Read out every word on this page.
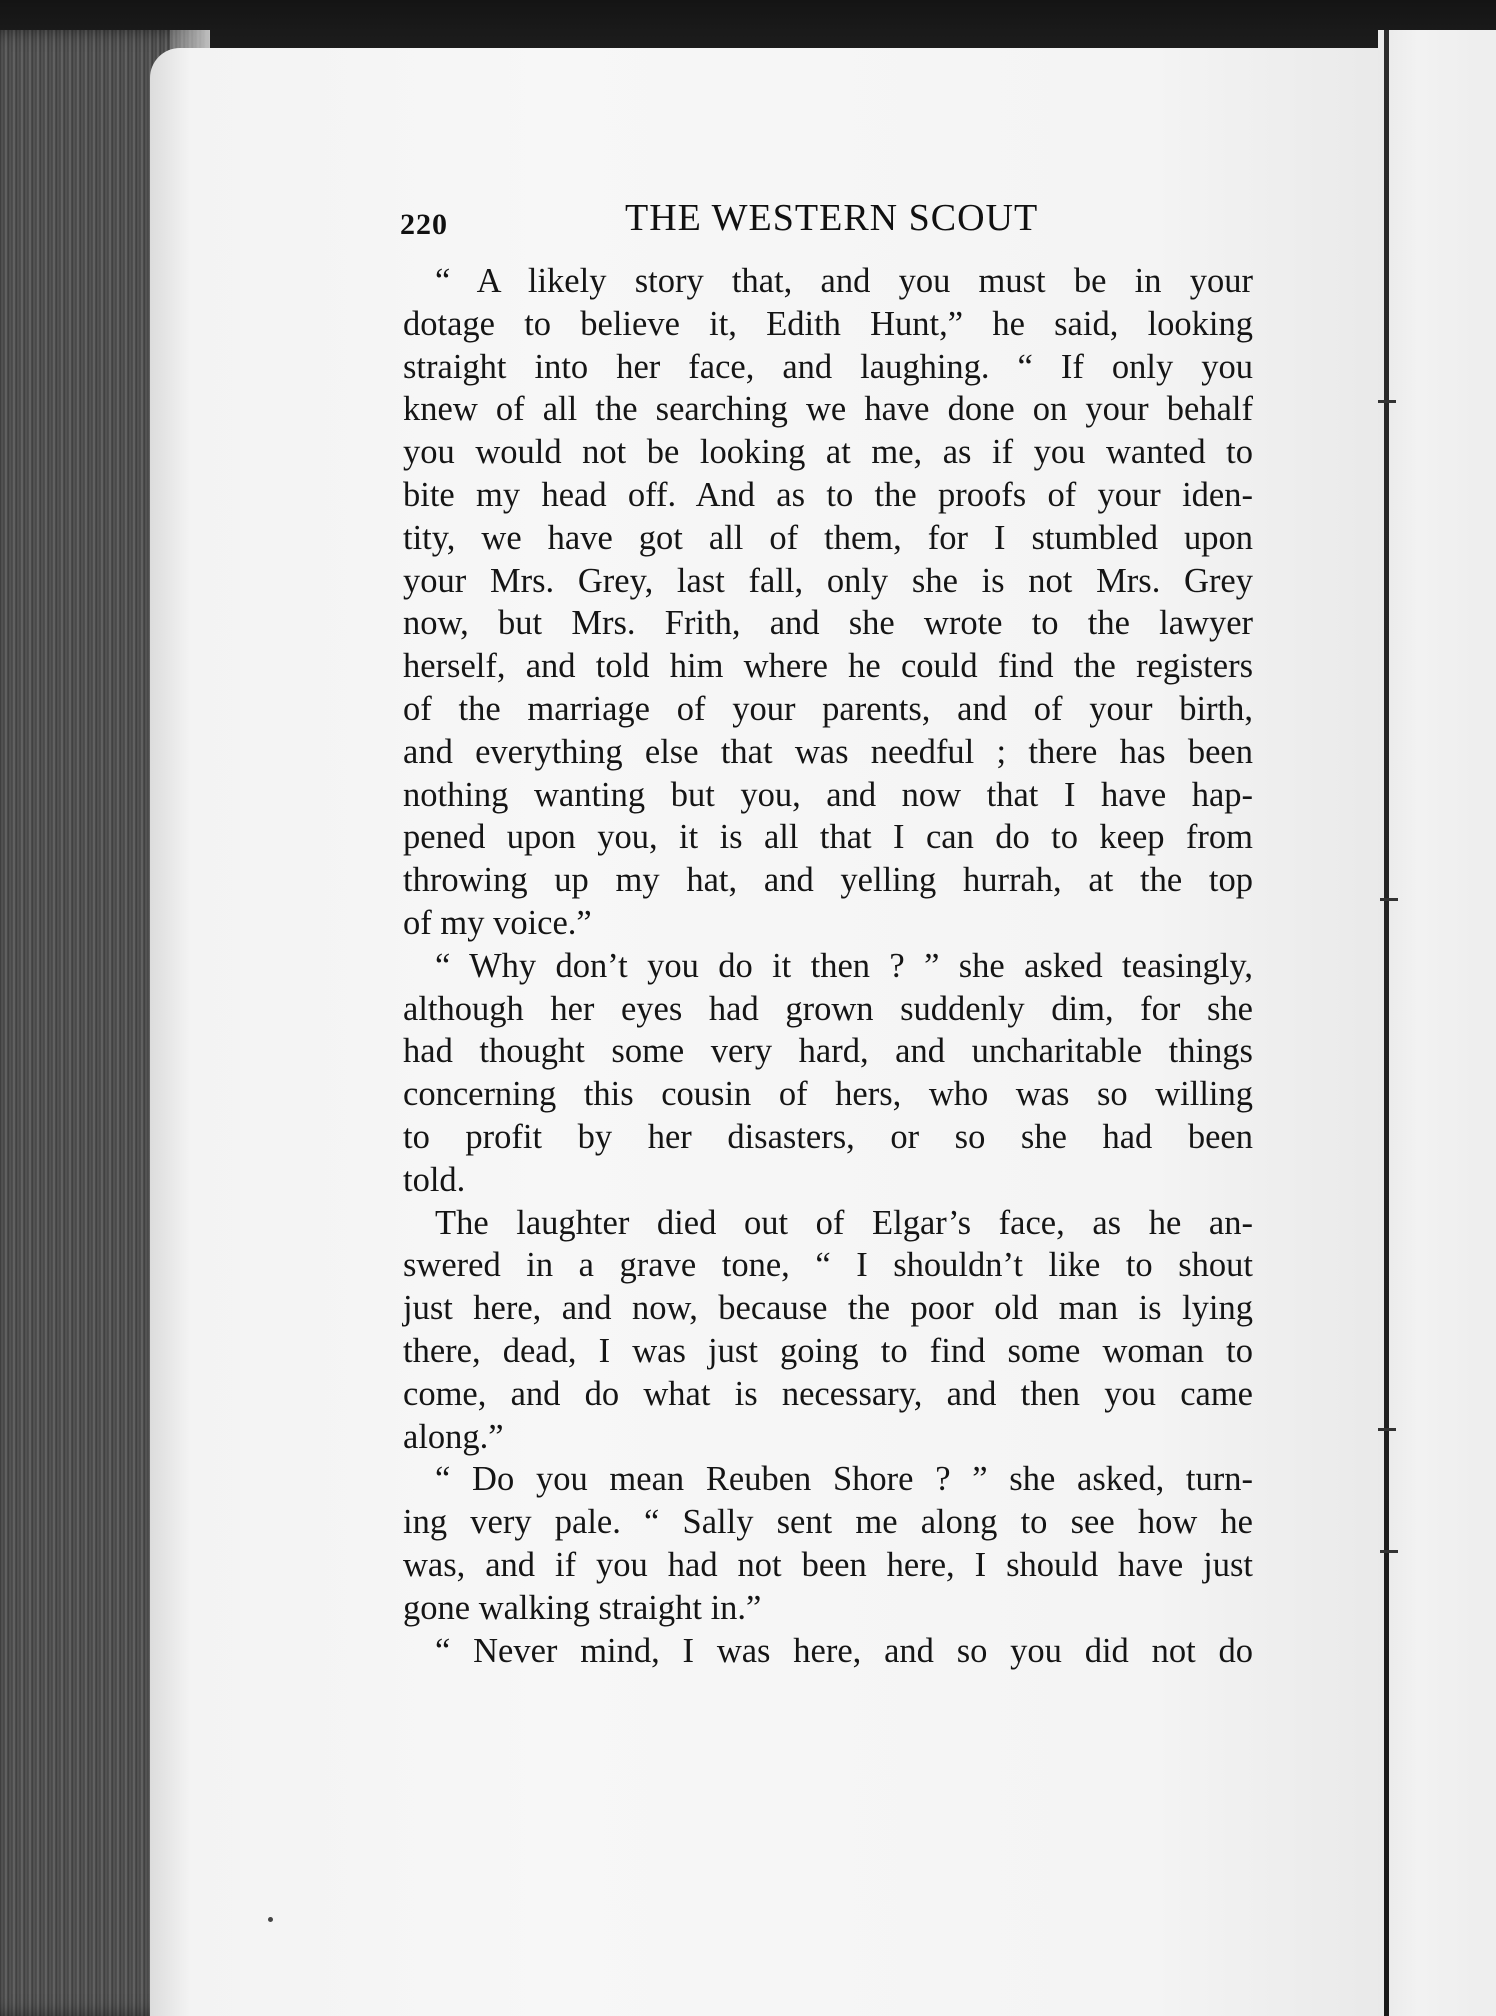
220	THE WESTERN SCOUT
“ A likely story that, and you must be in your
dotage to believe it, Edith Hunt,” he said, looking
straight into her face, and laughing. “ If only you
knew of all the searching we have done on your behalf
you would not be looking at me, as if you wanted to
bite my head off. And as to the proofs of your iden-
tity, we have got all of them, for I stumbled upon
your Mrs. Grey, last fall, only she is not Mrs. Grey
now, but Mrs. Frith, and she wrote to the lawyer
herself, and told him where he could find the registers
of the marriage of your parents, and of your birth,
and everything else that was needful ; there has been
nothing wanting but you, and now that I have hap-
pened upon you, it is all that I can do to keep from
throwing up my hat, and yelling hurrah, at the top
of my voice.”
“ Why don’t you do it then ? ” she asked teasingly,
although her eyes had grown suddenly dim, for she
had thought some very hard, and uncharitable things
concerning this cousin of hers, who was so willing
to profit by her disasters, or so she had been
told.
The laughter died out of Elgar’s face, as he an-
swered in a grave tone, “ I shouldn’t like to shout
just here, and now, because the poor old man is lying
there, dead, I was just going to find some woman to
come, and do what is necessary, and then you came
along.”
“ Do you mean Reuben Shore ? ” she asked, turn-
ing very pale. “ Sally sent me along to see how he
was, and if you had not been here, I should have just
gone walking straight in.”
“ Never mind, I was here, and so you did not do
